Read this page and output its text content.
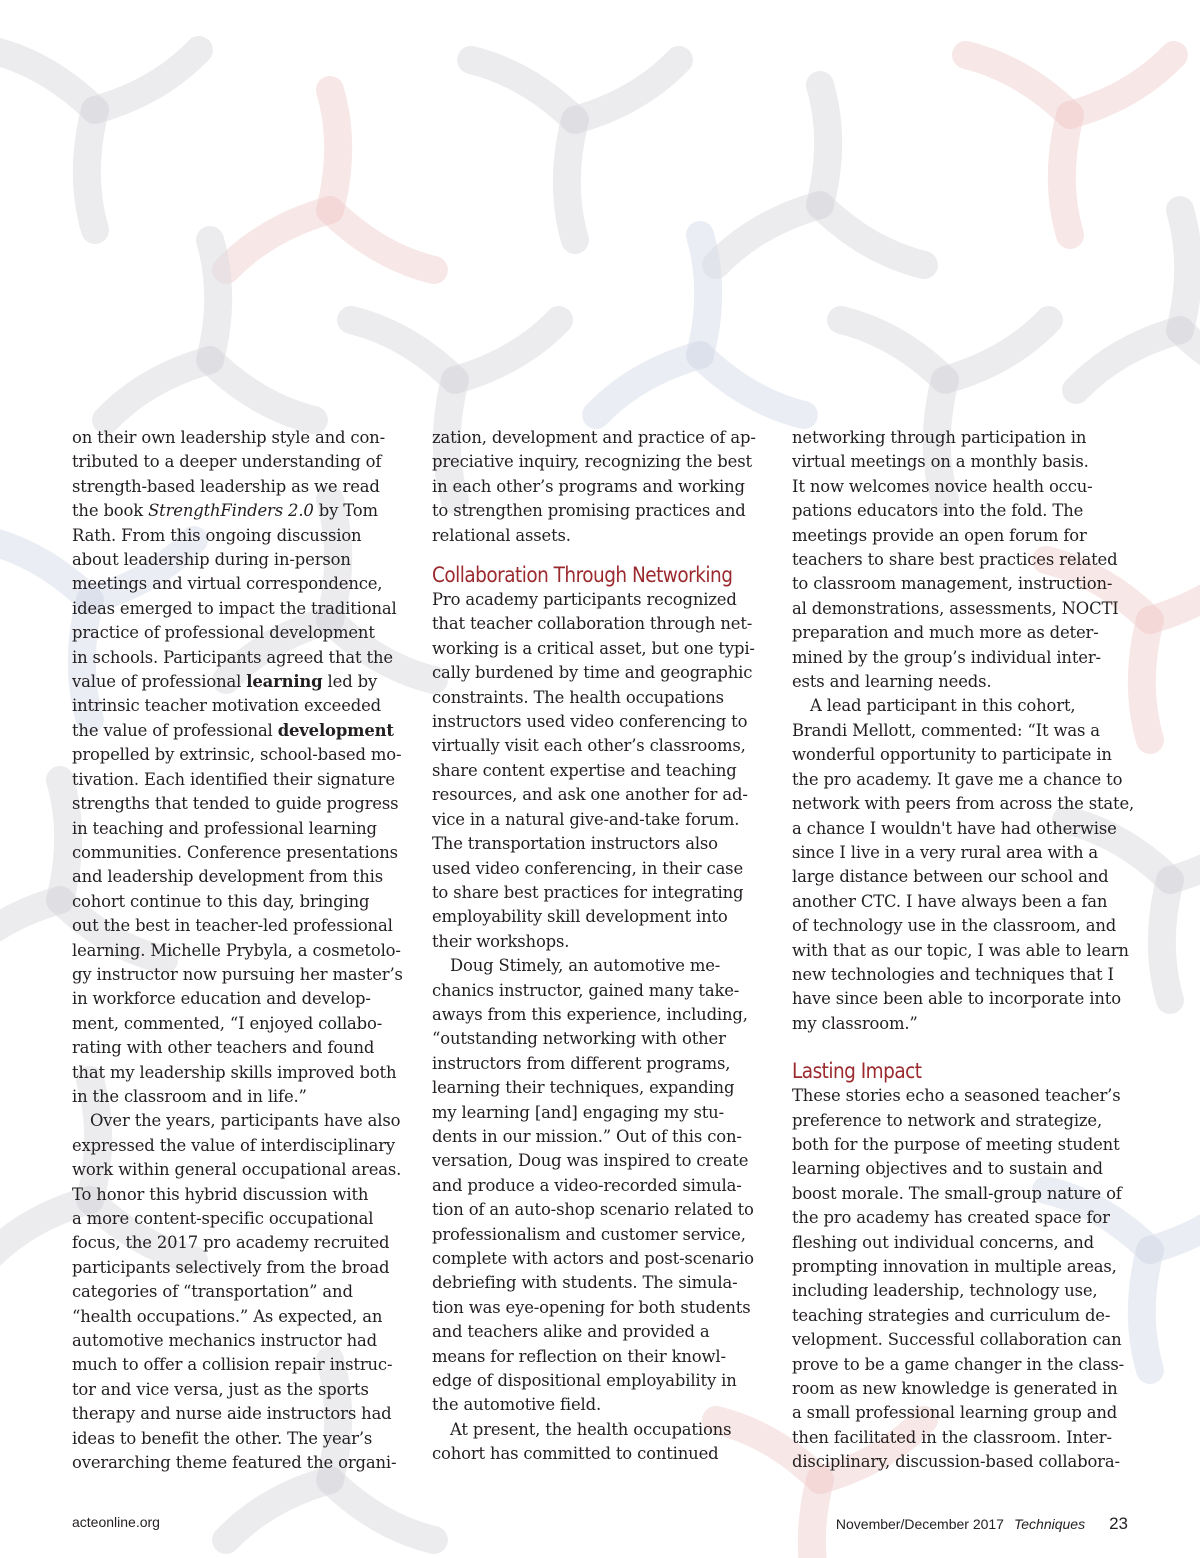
on their own leadership style and con-
tributed to a deeper understanding of
strength-based leadership as we read
the book StrengthFinders 2.0 by Tom
Rath. From this ongoing discussion
about leadership during in-person
meetings and virtual correspondence,
ideas emerged to impact the traditional
practice of professional development
in schools. Participants agreed that the
value of professional learning led by
intrinsic teacher motivation exceeded
the value of professional development
propelled by extrinsic, school-based mo-
tivation. Each identified their signature
strengths that tended to guide progress
in teaching and professional learning
communities. Conference presentations
and leadership development from this
cohort continue to this day, bringing
out the best in teacher-led professional
learning. Michelle Prybyla, a cosmetolo-
gy instructor now pursuing her master’s
in workforce education and develop-
ment, commented, “I enjoyed collabo-
rating with other teachers and found
that my leadership skills improved both
in the classroom and in life.”

Over the years, participants have also
expressed the value of interdisciplinary
work within general occupational areas.
To honor this hybrid discussion with
a more content-specific occupational
focus, the 2017 pro academy recruited
participants selectively from the broad
categories of “transportation” and
“health occupations.” As expected, an
automotive mechanics instructor had
much to offer a collision repair instruc-
tor and vice versa, just as the sports
therapy and nurse aide instructors had
ideas to benefit the other. The year’s
overarching theme featured the organi-

zation, development and practice of ap-
preciative inquiry, recognizing the best
in each other’s programs and working
to strengthen promising practices and
relational assets.

Collaboration Through Networking

Pro academy participants recognized
that teacher collaboration through net-
working is a critical asset, but one typi-
cally burdened by time and geographic
constraints. The health occupations
instructors used video conferencing to
virtually visit each other’s classrooms,
share content expertise and teaching
resources, and ask one another for ad-
vice in a natural give-and-take forum.
The transportation instructors also
used video conferencing, in their case
to share best practices for integrating
employability skill development into
their workshops.

Doug Stimely, an automotive me-
chanics instructor, gained many take-
aways from this experience, including,
“outstanding networking with other
instructors from different programs,
learning their techniques, expanding
my learning [and] engaging my stu-
dents in our mission.” Out of this con-
versation, Doug was inspired to create
and produce a video-recorded simula-
tion of an auto-shop scenario related to
professionalism and customer service,
complete with actors and post-scenario
debriefing with students. The simula-
tion was eye-opening for both students
and teachers alike and provided a
means for reflection on their knowl-
edge of dispositional employability in
the automotive field.

At present, the health occupations
cohort has committed to continued

networking through participation in
virtual meetings on a monthly basis.
It now welcomes novice health occu-
pations educators into the fold. The
meetings provide an open forum for
teachers to share best practices related
to classroom management, instruction-
al demonstrations, assessments, NOCTI
preparation and much more as deter-
mined by the group’s individual inter-
ests and learning needs.

A lead participant in this cohort,
Brandi Mellott, commented: “It was a
wonderful opportunity to participate in
the pro academy. It gave me a chance to
network with peers from across the state,
a chance I wouldn't have had otherwise
since I live in a very rural area with a
large distance between our school and
another CTC. I have always been a fan
of technology use in the classroom, and
with that as our topic, I was able to learn
new technologies and techniques that I
have since been able to incorporate into
my classroom.”

Lasting Impact

These stories echo a seasoned teacher’s
preference to network and strategize,
both for the purpose of meeting student
learning objectives and to sustain and
boost morale. The small-group nature of
the pro academy has created space for
fleshing out individual concerns, and
prompting innovation in multiple areas,
including leadership, technology use,
teaching strategies and curriculum de-
velopment. Successful collaboration can
prove to be a game changer in the class-
room as new knowledge is generated in
a small professional learning group and
then facilitated in the classroom. Inter-
disciplinary, discussion-based collabora-

acteonline.org	November/December 2017 Techniques 23
